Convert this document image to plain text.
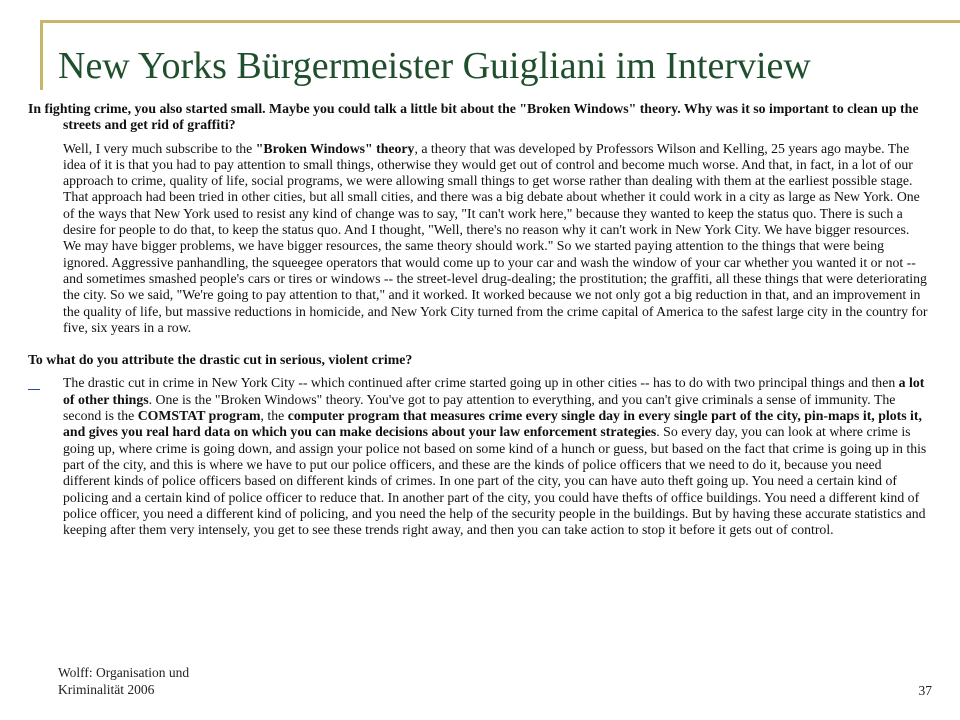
New Yorks Bürgermeister Guigliani im Interview

In fighting crime, you also started small. Maybe you could talk a little bit about the "Broken Windows" theory. Why was it so important to clean up the streets and get rid of graffiti?

Well, I very much subscribe to the "Broken Windows" theory, a theory that was developed by Professors Wilson and Kelling, 25 years ago maybe. The idea of it is that you had to pay attention to small things, otherwise they would get out of control and become much worse. And that, in fact, in a lot of our approach to crime, quality of life, social programs, we were allowing small things to get worse rather than dealing with them at the earliest possible stage. That approach had been tried in other cities, but all small cities, and there was a big debate about whether it could work in a city as large as New York. One of the ways that New York used to resist any kind of change was to say, "It can't work here," because they wanted to keep the status quo. There is such a desire for people to do that, to keep the status quo. And I thought, "Well, there's no reason why it can't work in New York City. We have bigger resources. We may have bigger problems, we have bigger resources, the same theory should work." So we started paying attention to the things that were being ignored. Aggressive panhandling, the squeegee operators that would come up to your car and wash the window of your car whether you wanted it or not -- and sometimes smashed people's cars or tires or windows -- the street-level drug-dealing; the prostitution; the graffiti, all these things that were deteriorating the city. So we said, "We're going to pay attention to that," and it worked. It worked because we not only got a big reduction in that, and an improvement in the quality of life, but massive reductions in homicide, and New York City turned from the crime capital of America to the safest large city in the country for five, six years in a row.

To what do you attribute the drastic cut in serious, violent crime?

The drastic cut in crime in New York City -- which continued after crime started going up in other cities -- has to do with two principal things and then a lot of other things. One is the "Broken Windows" theory. You've got to pay attention to everything, and you can't give criminals a sense of immunity. The second is the COMSTAT program, the computer program that measures crime every single day in every single part of the city, pin-maps it, plots it, and gives you real hard data on which you can make decisions about your law enforcement strategies. So every day, you can look at where crime is going up, where crime is going down, and assign your police not based on some kind of a hunch or guess, but based on the fact that crime is going up in this part of the city, and this is where we have to put our police officers, and these are the kinds of police officers that we need to do it, because you need different kinds of police officers based on different kinds of crimes. In one part of the city, you can have auto theft going up. You need a certain kind of policing and a certain kind of police officer to reduce that. In another part of the city, you could have thefts of office buildings. You need a different kind of police officer, you need a different kind of policing, and you need the help of the security people in the buildings. But by having these accurate statistics and keeping after them very intensely, you get to see these trends right away, and then you can take action to stop it before it gets out of control.

Wolff: Organisation und
Kriminalität 2006	37
